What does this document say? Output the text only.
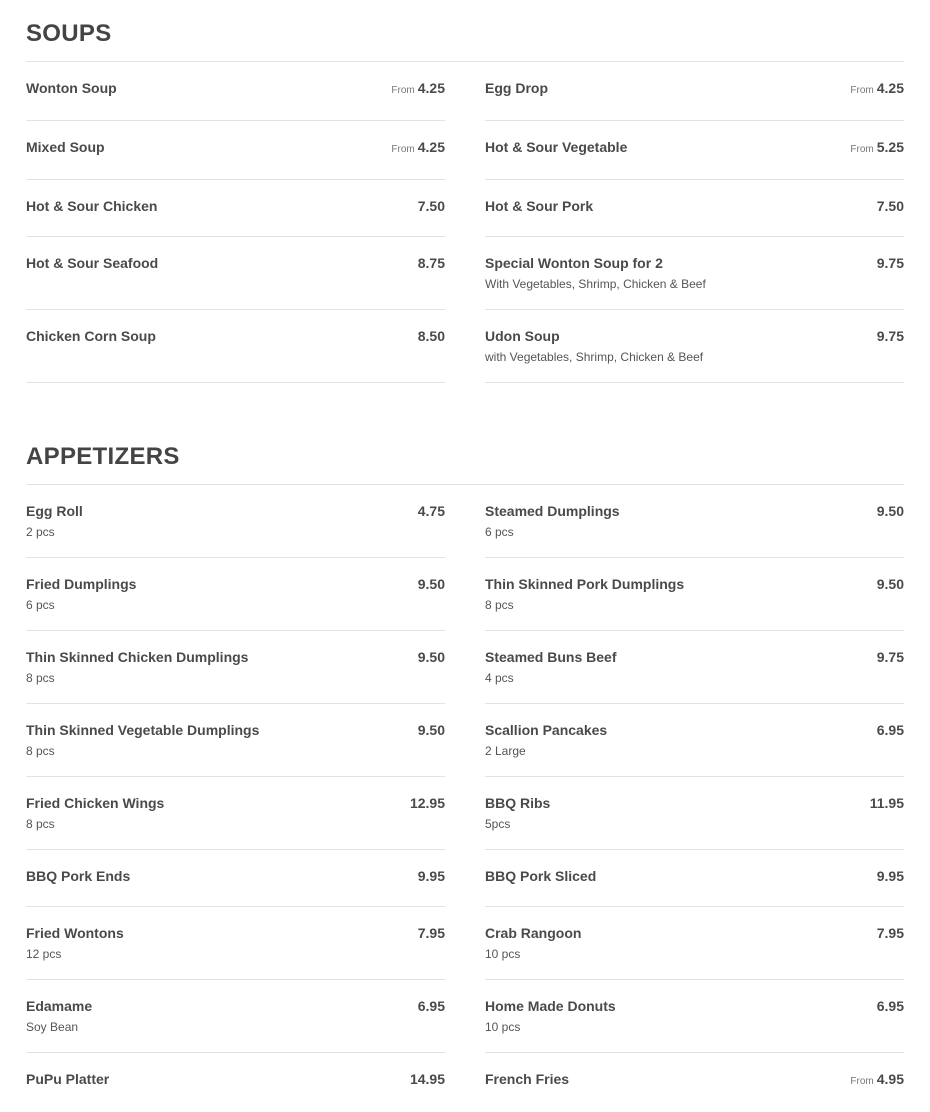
SOUPS
Wonton Soup	From 4.25
Mixed Soup	From 4.25
Hot & Sour Chicken	7.50
Hot & Sour Seafood	8.75
Chicken Corn Soup	8.50
Egg Drop	From 4.25
Hot & Sour Vegetable	From 5.25
Hot & Sour Pork	7.50
Special Wonton Soup for 2	9.75
With Vegetables, Shrimp, Chicken & Beef
Udon Soup	9.75
with Vegetables, Shrimp, Chicken & Beef
APPETIZERS
Egg Roll	4.75
2 pcs
Fried Dumplings	9.50
6 pcs
Thin Skinned Chicken Dumplings	9.50
8 pcs
Thin Skinned Vegetable Dumplings	9.50
8 pcs
Fried Chicken Wings	12.95
8 pcs
BBQ Pork Ends	9.95
Fried Wontons	7.95
12 pcs
Edamame	6.95
Soy Bean
PuPu Platter	14.95
Steamed Dumplings	9.50
6 pcs
Thin Skinned Pork Dumplings	9.50
8 pcs
Steamed Buns Beef	9.75
4 pcs
Scallion Pancakes	6.95
2 Large
BBQ Ribs	11.95
5pcs
BBQ Pork Sliced	9.95
Crab Rangoon	7.95
10 pcs
Home Made Donuts	6.95
10 pcs
French Fries	From 4.95
